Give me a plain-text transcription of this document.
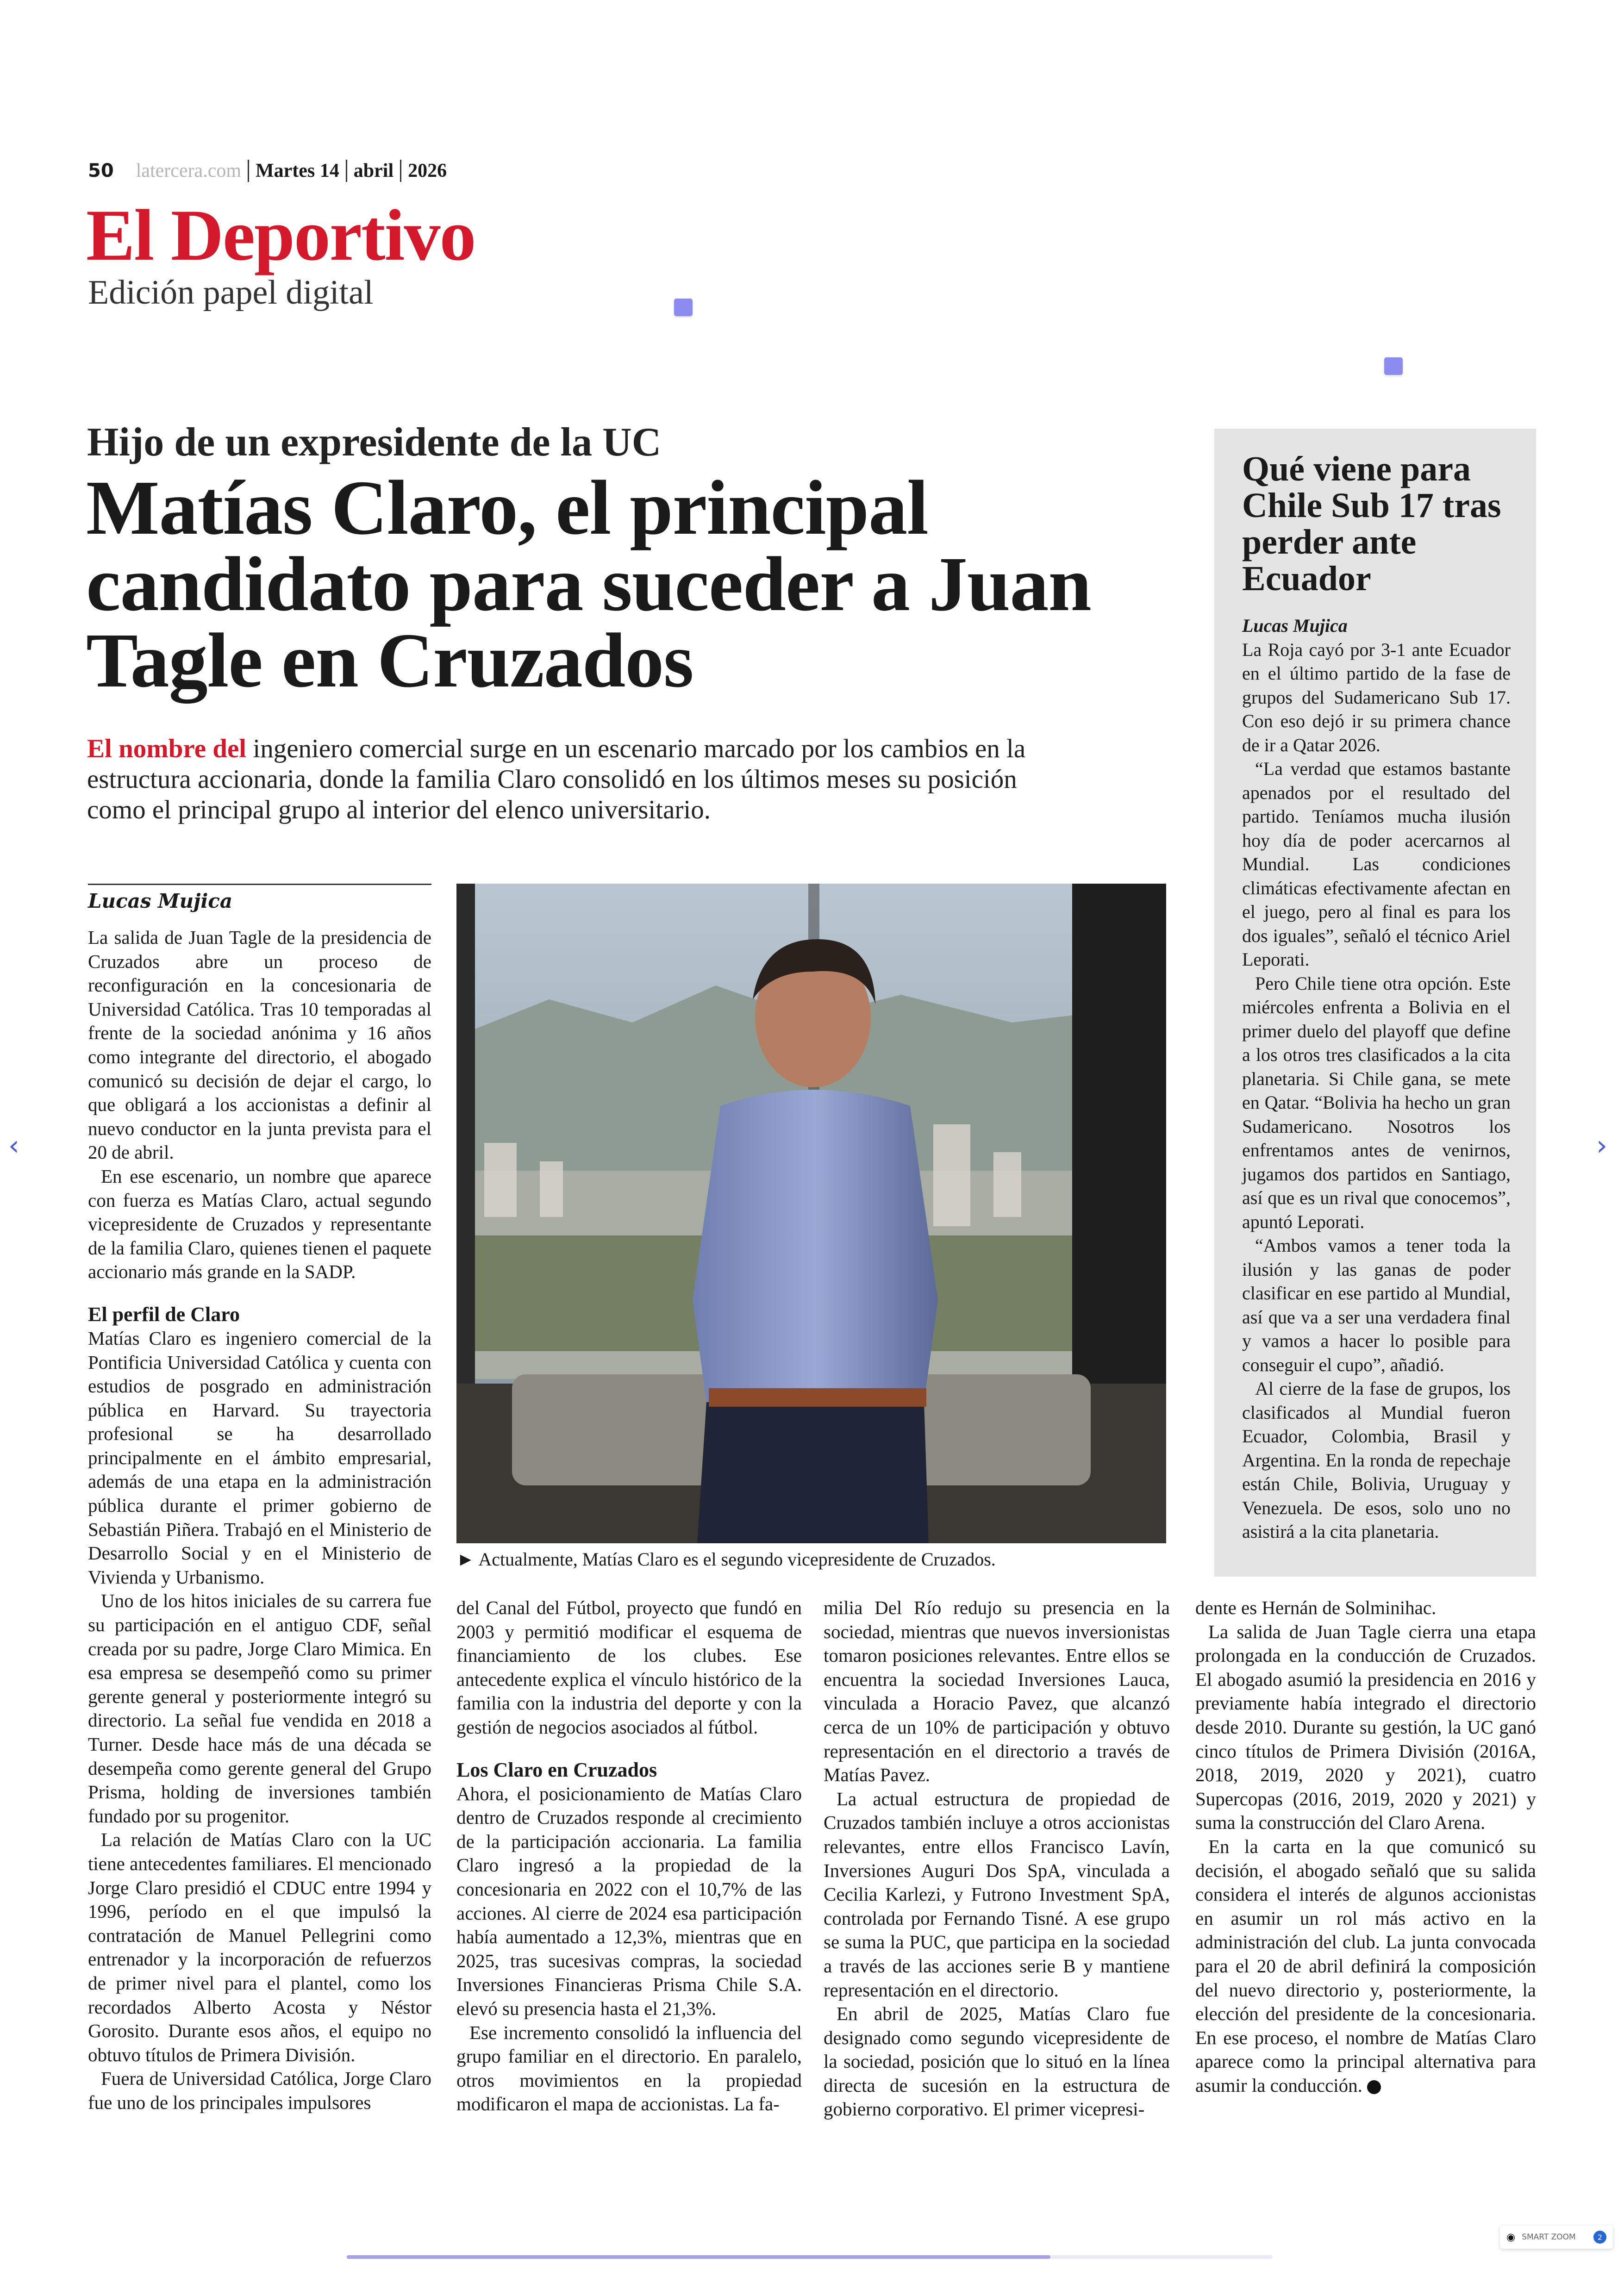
50 latercera.com Martes 14 abril 2026
El Deportivo
Edición papel digital
Hijo de un expresidente de la UC
Matías Claro, el principal candidato para suceder a Juan Tagle en Cruzados
El nombre del ingeniero comercial surge en un escenario marcado por los cambios en la estructura accionaria, donde la familia Claro consolidó en los últimos meses su posición como el principal grupo al interior del elenco universitario.
Lucas Mujica

La salida de Juan Tagle de la presidencia de Cruzados abre un proceso de reconfiguración en la concesionaria de Universidad Católica. Tras 10 temporadas al frente de la sociedad anónima y 16 años como integrante del directorio, el abogado comunicó su decisión de dejar el cargo, lo que obligará a los accionistas a definir al nuevo conductor en la junta prevista para el 20 de abril.

En ese escenario, un nombre que aparece con fuerza es Matías Claro, actual segundo vicepresidente de Cruzados y representante de la familia Claro, quienes tienen el paquete accionario más grande en la SADP.

El perfil de Claro

Matías Claro es ingeniero comercial de la Pontificia Universidad Católica y cuenta con estudios de posgrado en administración pública en Harvard. Su trayectoria profesional se ha desarrollado principalmente en el ámbito empresarial, además de una etapa en la administración pública durante el primer gobierno de Sebastián Piñera. Trabajó en el Ministerio de Desarrollo Social y en el Ministerio de Vivienda y Urbanismo.

Uno de los hitos iniciales de su carrera fue su participación en el antiguo CDF, señal creada por su padre, Jorge Claro Mimica. En esa empresa se desempeñó como su primer gerente general y posteriormente integró su directorio. La señal fue vendida en 2018 a Turner. Desde hace más de una década se desempeña como gerente general del Grupo Prisma, holding de inversiones también fundado por su progenitor.

La relación de Matías Claro con la UC tiene antecedentes familiares. El mencionado Jorge Claro presidió el CDUC entre 1994 y 1996, período en el que impulsó la contratación de Manuel Pellegrini como entrenador y la incorporación de refuerzos de primer nivel para el plantel, como los recordados Alberto Acosta y Néstor Gorosito. Durante esos años, el equipo no obtuvo títulos de Primera División.

Fuera de Universidad Católica, Jorge Claro fue uno de los principales impulsores

► Actualmente, Matías Claro es el segundo vicepresidente de Cruzados.

del Canal del Fútbol, proyecto que fundó en 2003 y permitió modificar el esquema de financiamiento de los clubes. Ese antecedente explica el vínculo histórico de la familia con la industria del deporte y con la gestión de negocios asociados al fútbol.

Los Claro en Cruzados

Ahora, el posicionamiento de Matías Claro dentro de Cruzados responde al crecimiento de la participación accionaria. La familia Claro ingresó a la propiedad de la concesionaria en 2022 con el 10,7% de las acciones. Al cierre de 2024 esa participación había aumentado a 12,3%, mientras que en 2025, tras sucesivas compras, la sociedad Inversiones Financieras Prisma Chile S.A. elevó su presencia hasta el 21,3%.

Ese incremento consolidó la influencia del grupo familiar en el directorio. En paralelo, otros movimientos en la propiedad modificaron el mapa de accionistas. La fa-

milia Del Río redujo su presencia en la sociedad, mientras que nuevos inversionistas tomaron posiciones relevantes. Entre ellos se encuentra la sociedad Inversiones Lauca, vinculada a Horacio Pavez, que alcanzó cerca de un 10% de participación y obtuvo representación en el directorio a través de Matías Pavez.

La actual estructura de propiedad de Cruzados también incluye a otros accionistas relevantes, entre ellos Francisco Lavín, Inversiones Auguri Dos SpA, vinculada a Cecilia Karlezi, y Futrono Investment SpA, controlada por Fernando Tisné. A ese grupo se suma la PUC, que participa en la sociedad a través de las acciones serie B y mantiene representación en el directorio.

En abril de 2025, Matías Claro fue designado como segundo vicepresidente de la sociedad, posición que lo situó en la línea directa de sucesión en la estructura de gobierno corporativo. El primer vicepresi-

dente es Hernán de Solminihac.

La salida de Juan Tagle cierra una etapa prolongada en la conducción de Cruzados. El abogado asumió la presidencia en 2016 y previamente había integrado el directorio desde 2010. Durante su gestión, la UC ganó cinco títulos de Primera División (2016A, 2018, 2019, 2020 y 2021), cuatro Supercopas (2016, 2019, 2020 y 2021) y suma la construcción del Claro Arena.

En la carta en la que comunicó su decisión, el abogado señaló que su salida considera el interés de algunos accionistas en asumir un rol más activo en la administración del club. La junta convocada para el 20 de abril definirá la composición del nuevo directorio y, posteriormente, la elección del presidente de la concesionaria. En ese proceso, el nombre de Matías Claro aparece como la principal alternativa para asumir la conducción.

Qué viene para Chile Sub 17 tras perder ante Ecuador
Lucas Mujica

La Roja cayó por 3-1 ante Ecuador en el último partido de la fase de grupos del Sudamericano Sub 17. Con eso dejó ir su primera chance de ir a Qatar 2026.

“La verdad que estamos bastante apenados por el resultado del partido. Teníamos mucha ilusión hoy día de poder acercarnos al Mundial. Las condiciones climáticas efectivamente afectan en el juego, pero al final es para los dos iguales”, señaló el técnico Ariel Leporati.

Pero Chile tiene otra opción. Este miércoles enfrenta a Bolivia en el primer duelo del playoff que define a los otros tres clasificados a la cita planetaria. Si Chile gana, se mete en Qatar. “Bolivia ha hecho un gran Sudamericano. Nosotros los enfrentamos antes de venirnos, jugamos dos partidos en Santiago, así que es un rival que conocemos”, apuntó Leporati.

“Ambos vamos a tener toda la ilusión y las ganas de poder clasificar en ese partido al Mundial, así que va a ser una verdadera final y vamos a hacer lo posible para conseguir el cupo”, añadió.

Al cierre de la fase de grupos, los clasificados al Mundial fueron Ecuador, Colombia, Brasil y Argentina. En la ronda de repechaje están Chile, Bolivia, Uruguay y Venezuela. De esos, solo uno no asistirá a la cita planetaria.

‹	›
◉ SMART ZOOM	2
